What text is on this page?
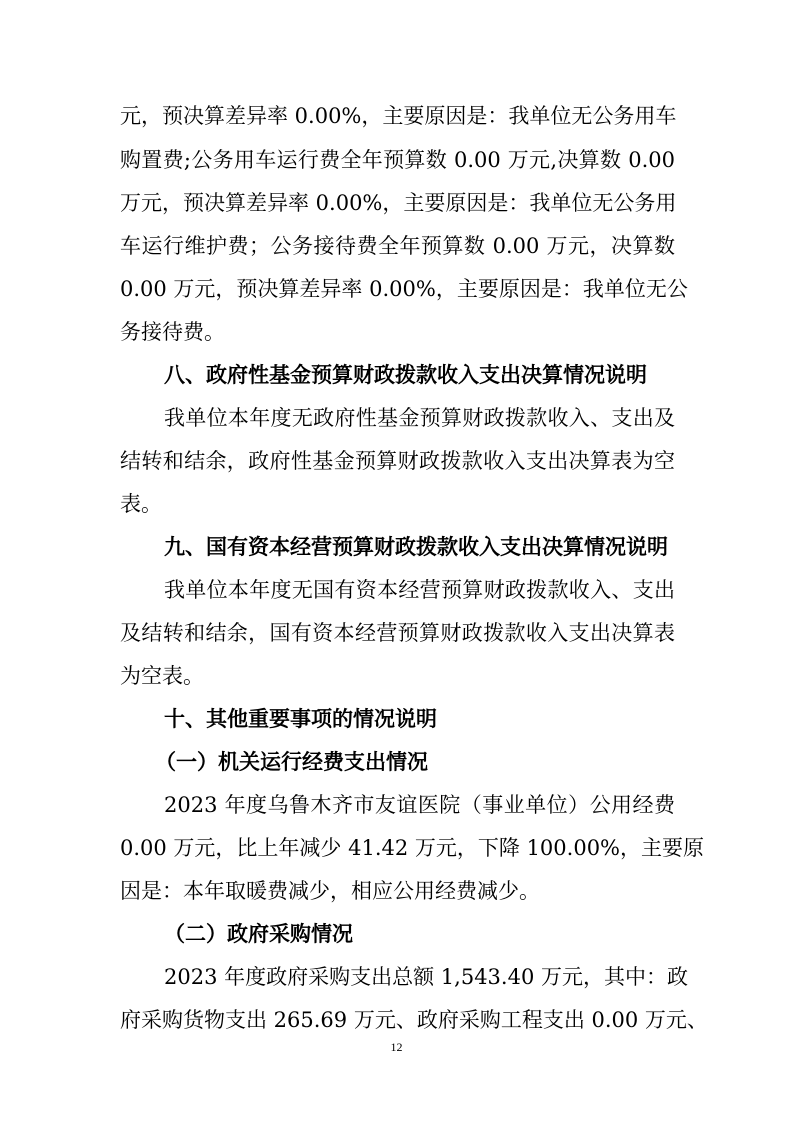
元，预决算差异率 0.00%，主要原因是：我单位无公务用车
购置费;公务用车运行费全年预算数 0.00 万元,决算数 0.00
万元，预决算差异率 0.00%，主要原因是：我单位无公务用
车运行维护费；公务接待费全年预算数 0.00 万元，决算数
0.00 万元，预决算差异率 0.00%，主要原因是：我单位无公
务接待费。
八、政府性基金预算财政拨款收入支出决算情况说明
我单位本年度无政府性基金预算财政拨款收入、支出及
结转和结余，政府性基金预算财政拨款收入支出决算表为空
表。
九、国有资本经营预算财政拨款收入支出决算情况说明
我单位本年度无国有资本经营预算财政拨款收入、支出
及结转和结余，国有资本经营预算财政拨款收入支出决算表
为空表。
十、其他重要事项的情况说明
（一）机关运行经费支出情况
2023 年度乌鲁木齐市友谊医院（事业单位）公用经费
0.00 万元，比上年减少 41.42 万元，下降 100.00%，主要原
因是：本年取暖费减少，相应公用经费减少。
（二）政府采购情况
2023 年度政府采购支出总额 1,543.40 万元，其中：政
府采购货物支出 265.69 万元、政府采购工程支出 0.00 万元、
12
